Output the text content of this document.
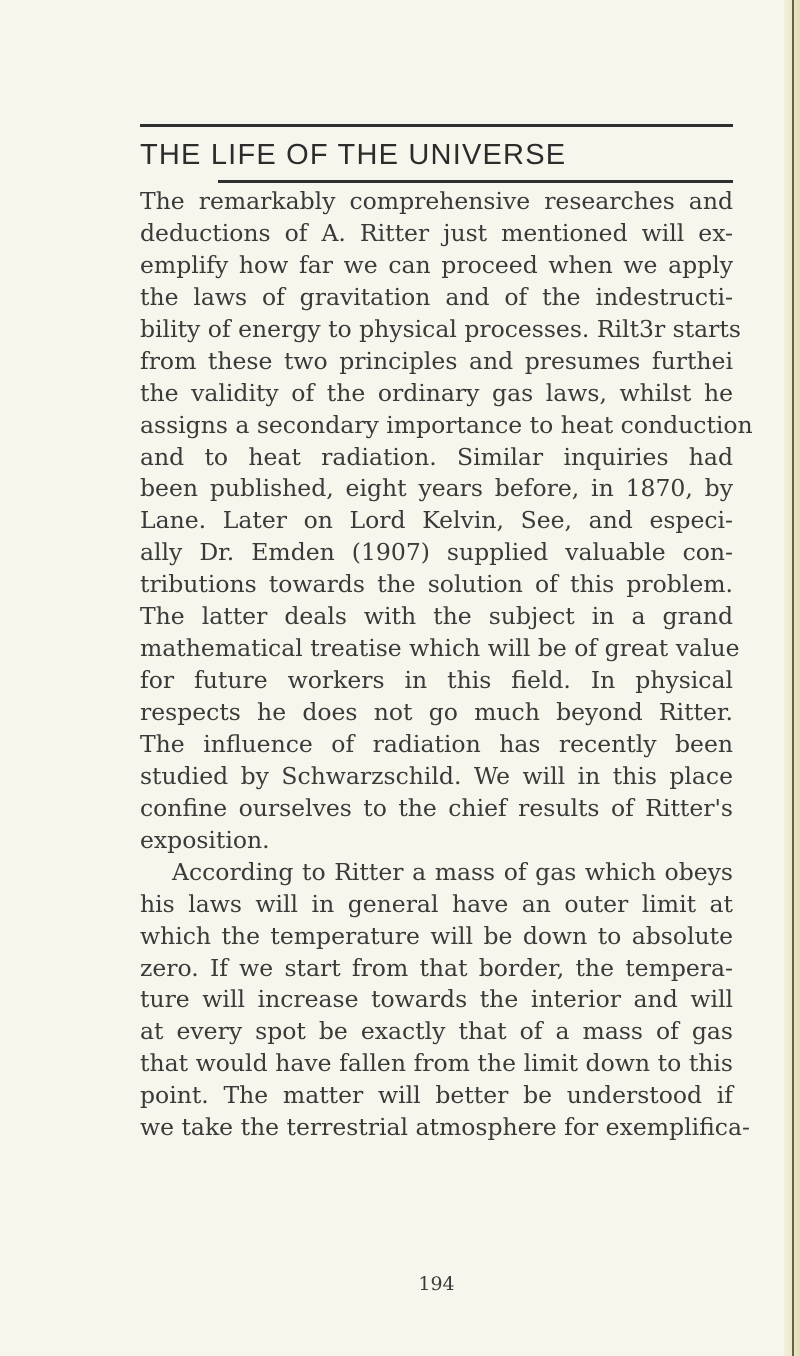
THE LIFE OF THE UNIVERSE
The remarkably comprehensive researches and
deductions of A. Ritter just mentioned will ex-
emplify how far we can proceed when we apply
the laws of gravitation and of the indestructi-
bility of energy to physical processes. Rilt3r starts
from these two principles and presumes furthei
the validity of the ordinary gas laws, whilst he
assigns a secondary importance to heat conduction
and to heat radiation. Similar inquiries had
been published, eight years before, in 1870, by
Lane. Later on Lord Kelvin, See, and especi-
ally Dr. Emden (1907) supplied valuable con-
tributions towards the solution of this problem.
The latter deals with the subject in a grand
mathematical treatise which will be of great value
for future workers in this field. In physical
respects he does not go much beyond Ritter.
The influence of radiation has recently been
studied by Schwarzschild. We will in this place
confine ourselves to the chief results of Ritter's
exposition.
According to Ritter a mass of gas which obeys
his laws will in general have an outer limit at
which the temperature will be down to absolute
zero. If we start from that border, the tempera-
ture will increase towards the interior and will
at every spot be exactly that of a mass of gas
that would have fallen from the limit down to this
point. The matter will better be understood if
we take the terrestrial atmosphere for exemplifica-
194
